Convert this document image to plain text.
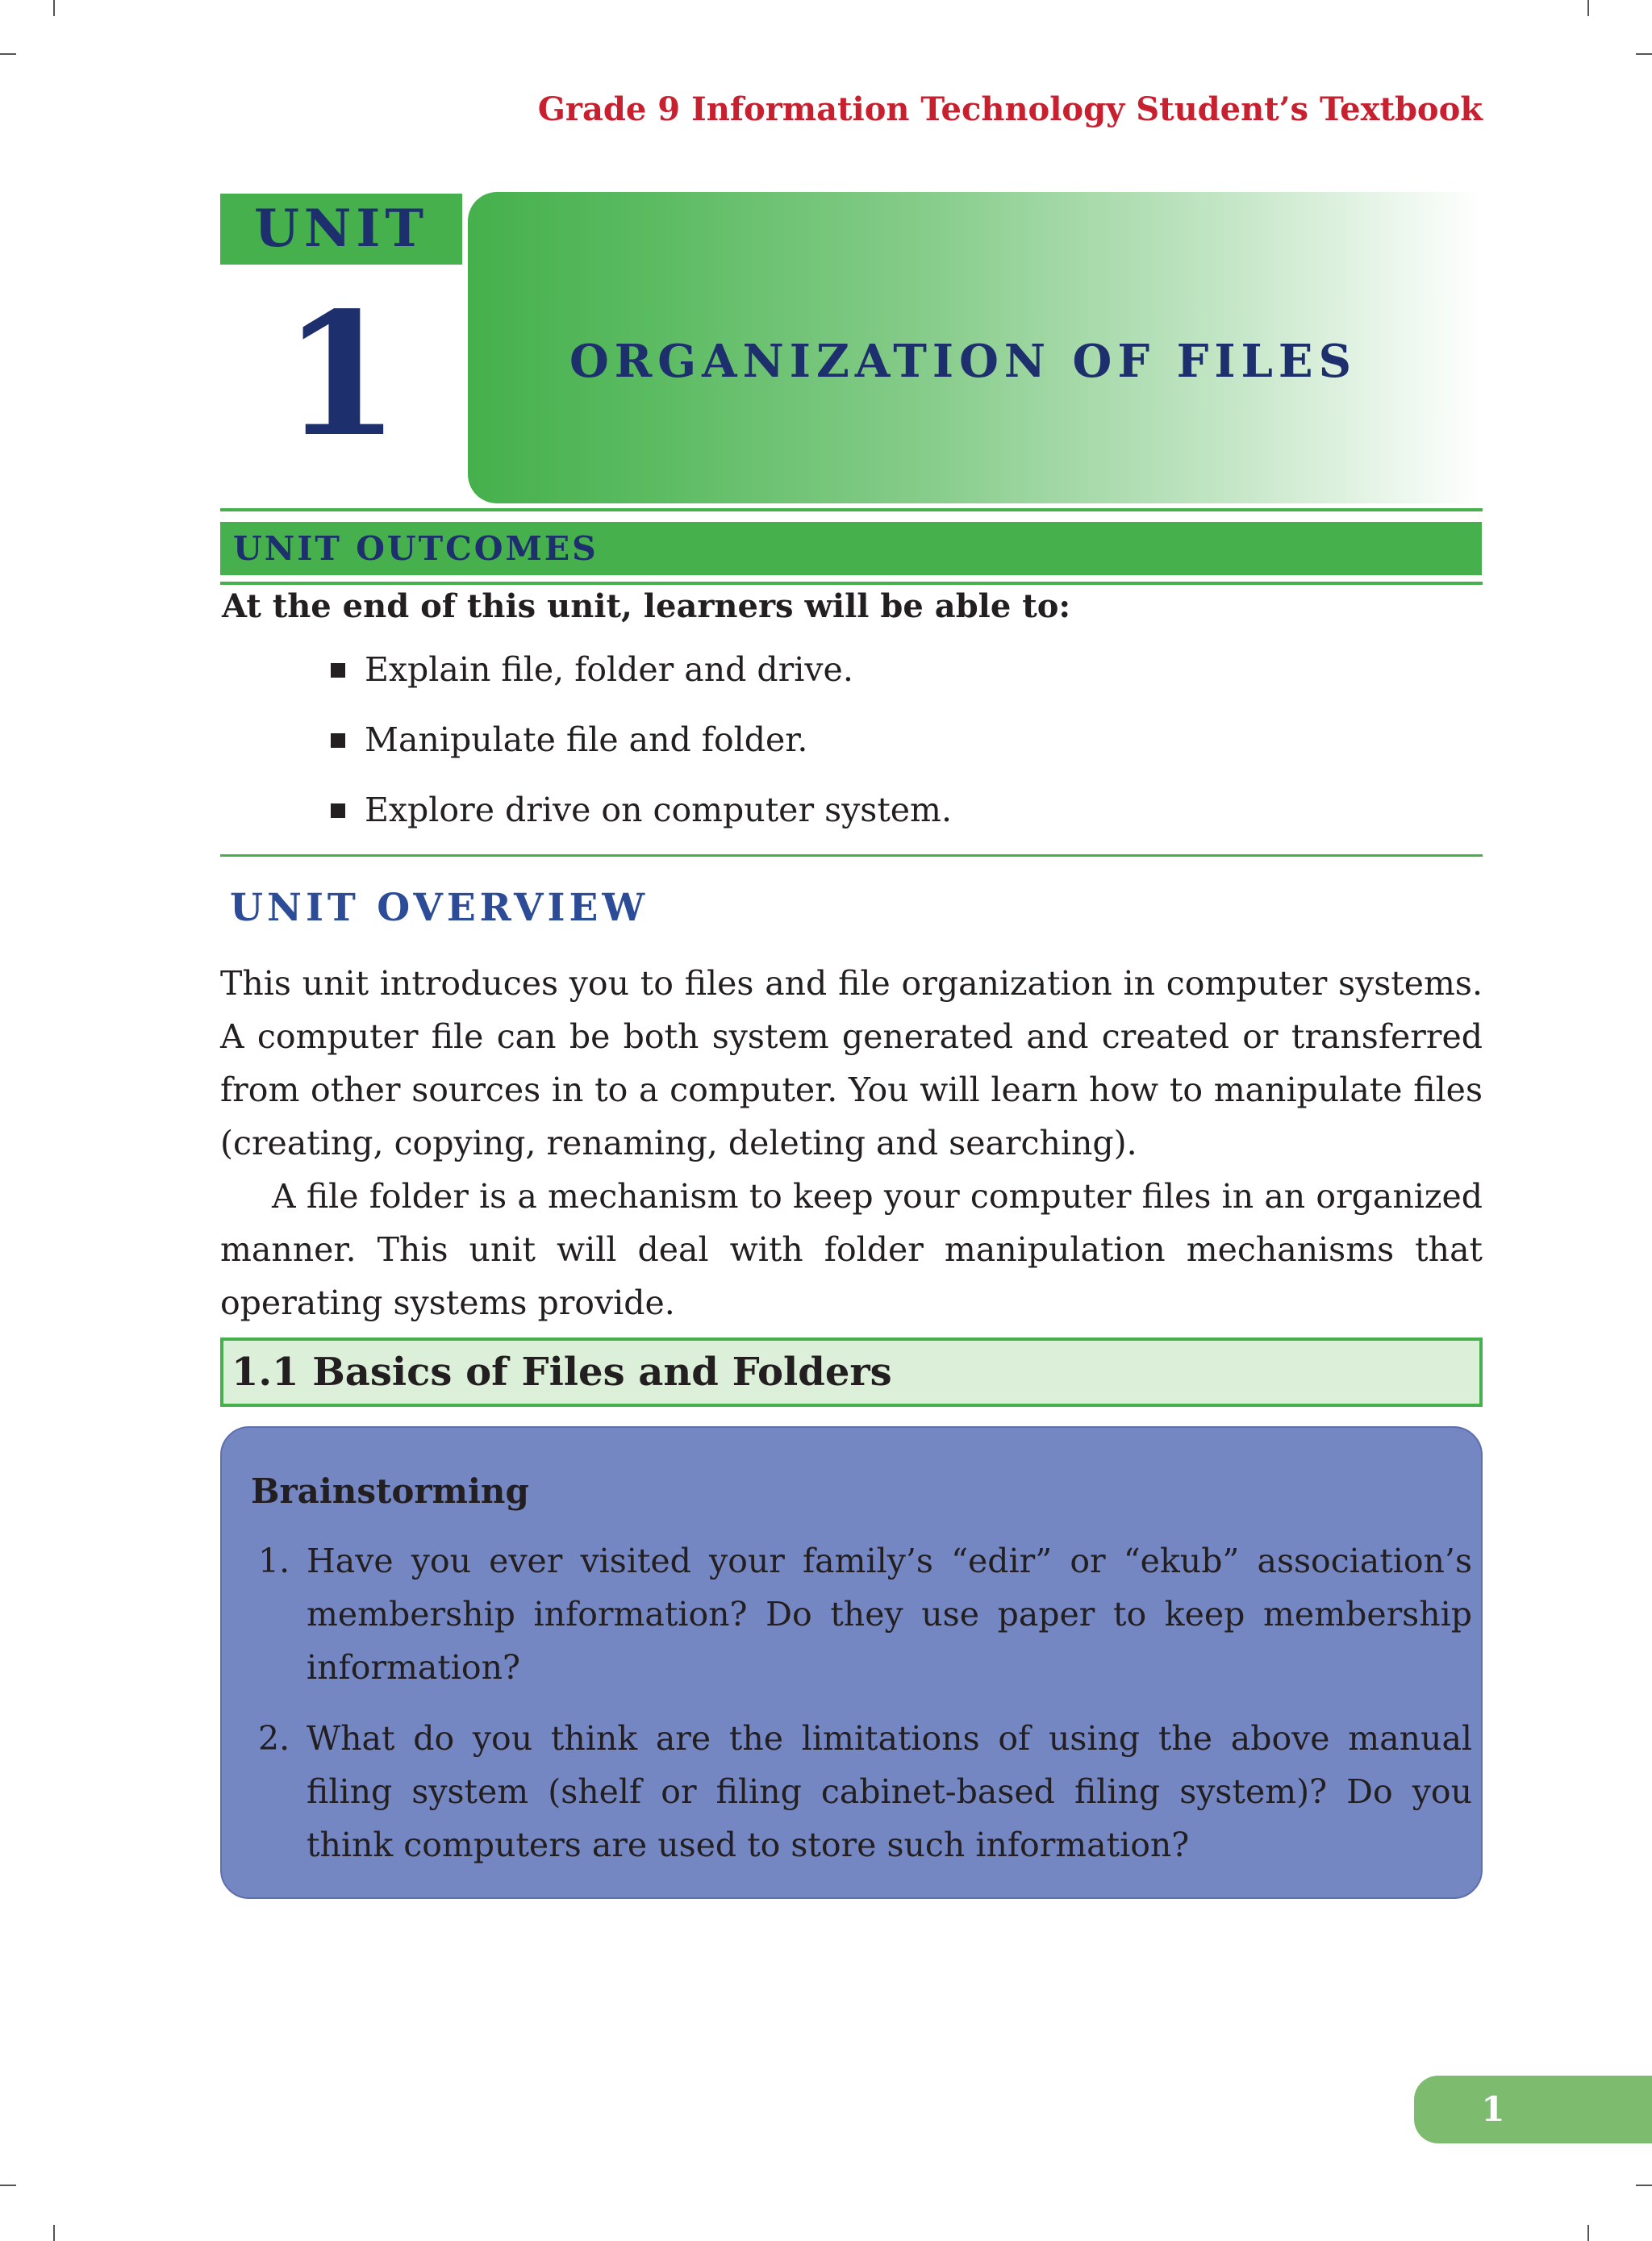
Grade 9 Information Technology Student’s Textbook
UNIT
1	ORGANIZATION OF FILES
UNIT OUTCOMES
At the end of this unit, learners will be able to:
Explain file, folder and drive.
Manipulate file and folder.
Explore drive on computer system.
UNIT OVERVIEW

This unit introduces you to files and file organization in computer systems. A computer file can be both system generated and created or transferred from other sources in to a computer. You will learn how to manipulate files (creating, copying, renaming, deleting and searching).

A file folder is a mechanism to keep your computer files in an organized manner. This unit will deal with folder manipulation mechanisms that operating systems provide.

1.1 Basics of Files and Folders
Brainstorming
1. Have you ever visited your family’s “edir” or “ekub” association’s membership information? Do they use paper to keep membership information?
2. What do you think are the limitations of using the above manual filing system (shelf or filing cabinet-based filing system)? Do you think computers are used to store such information?
1
